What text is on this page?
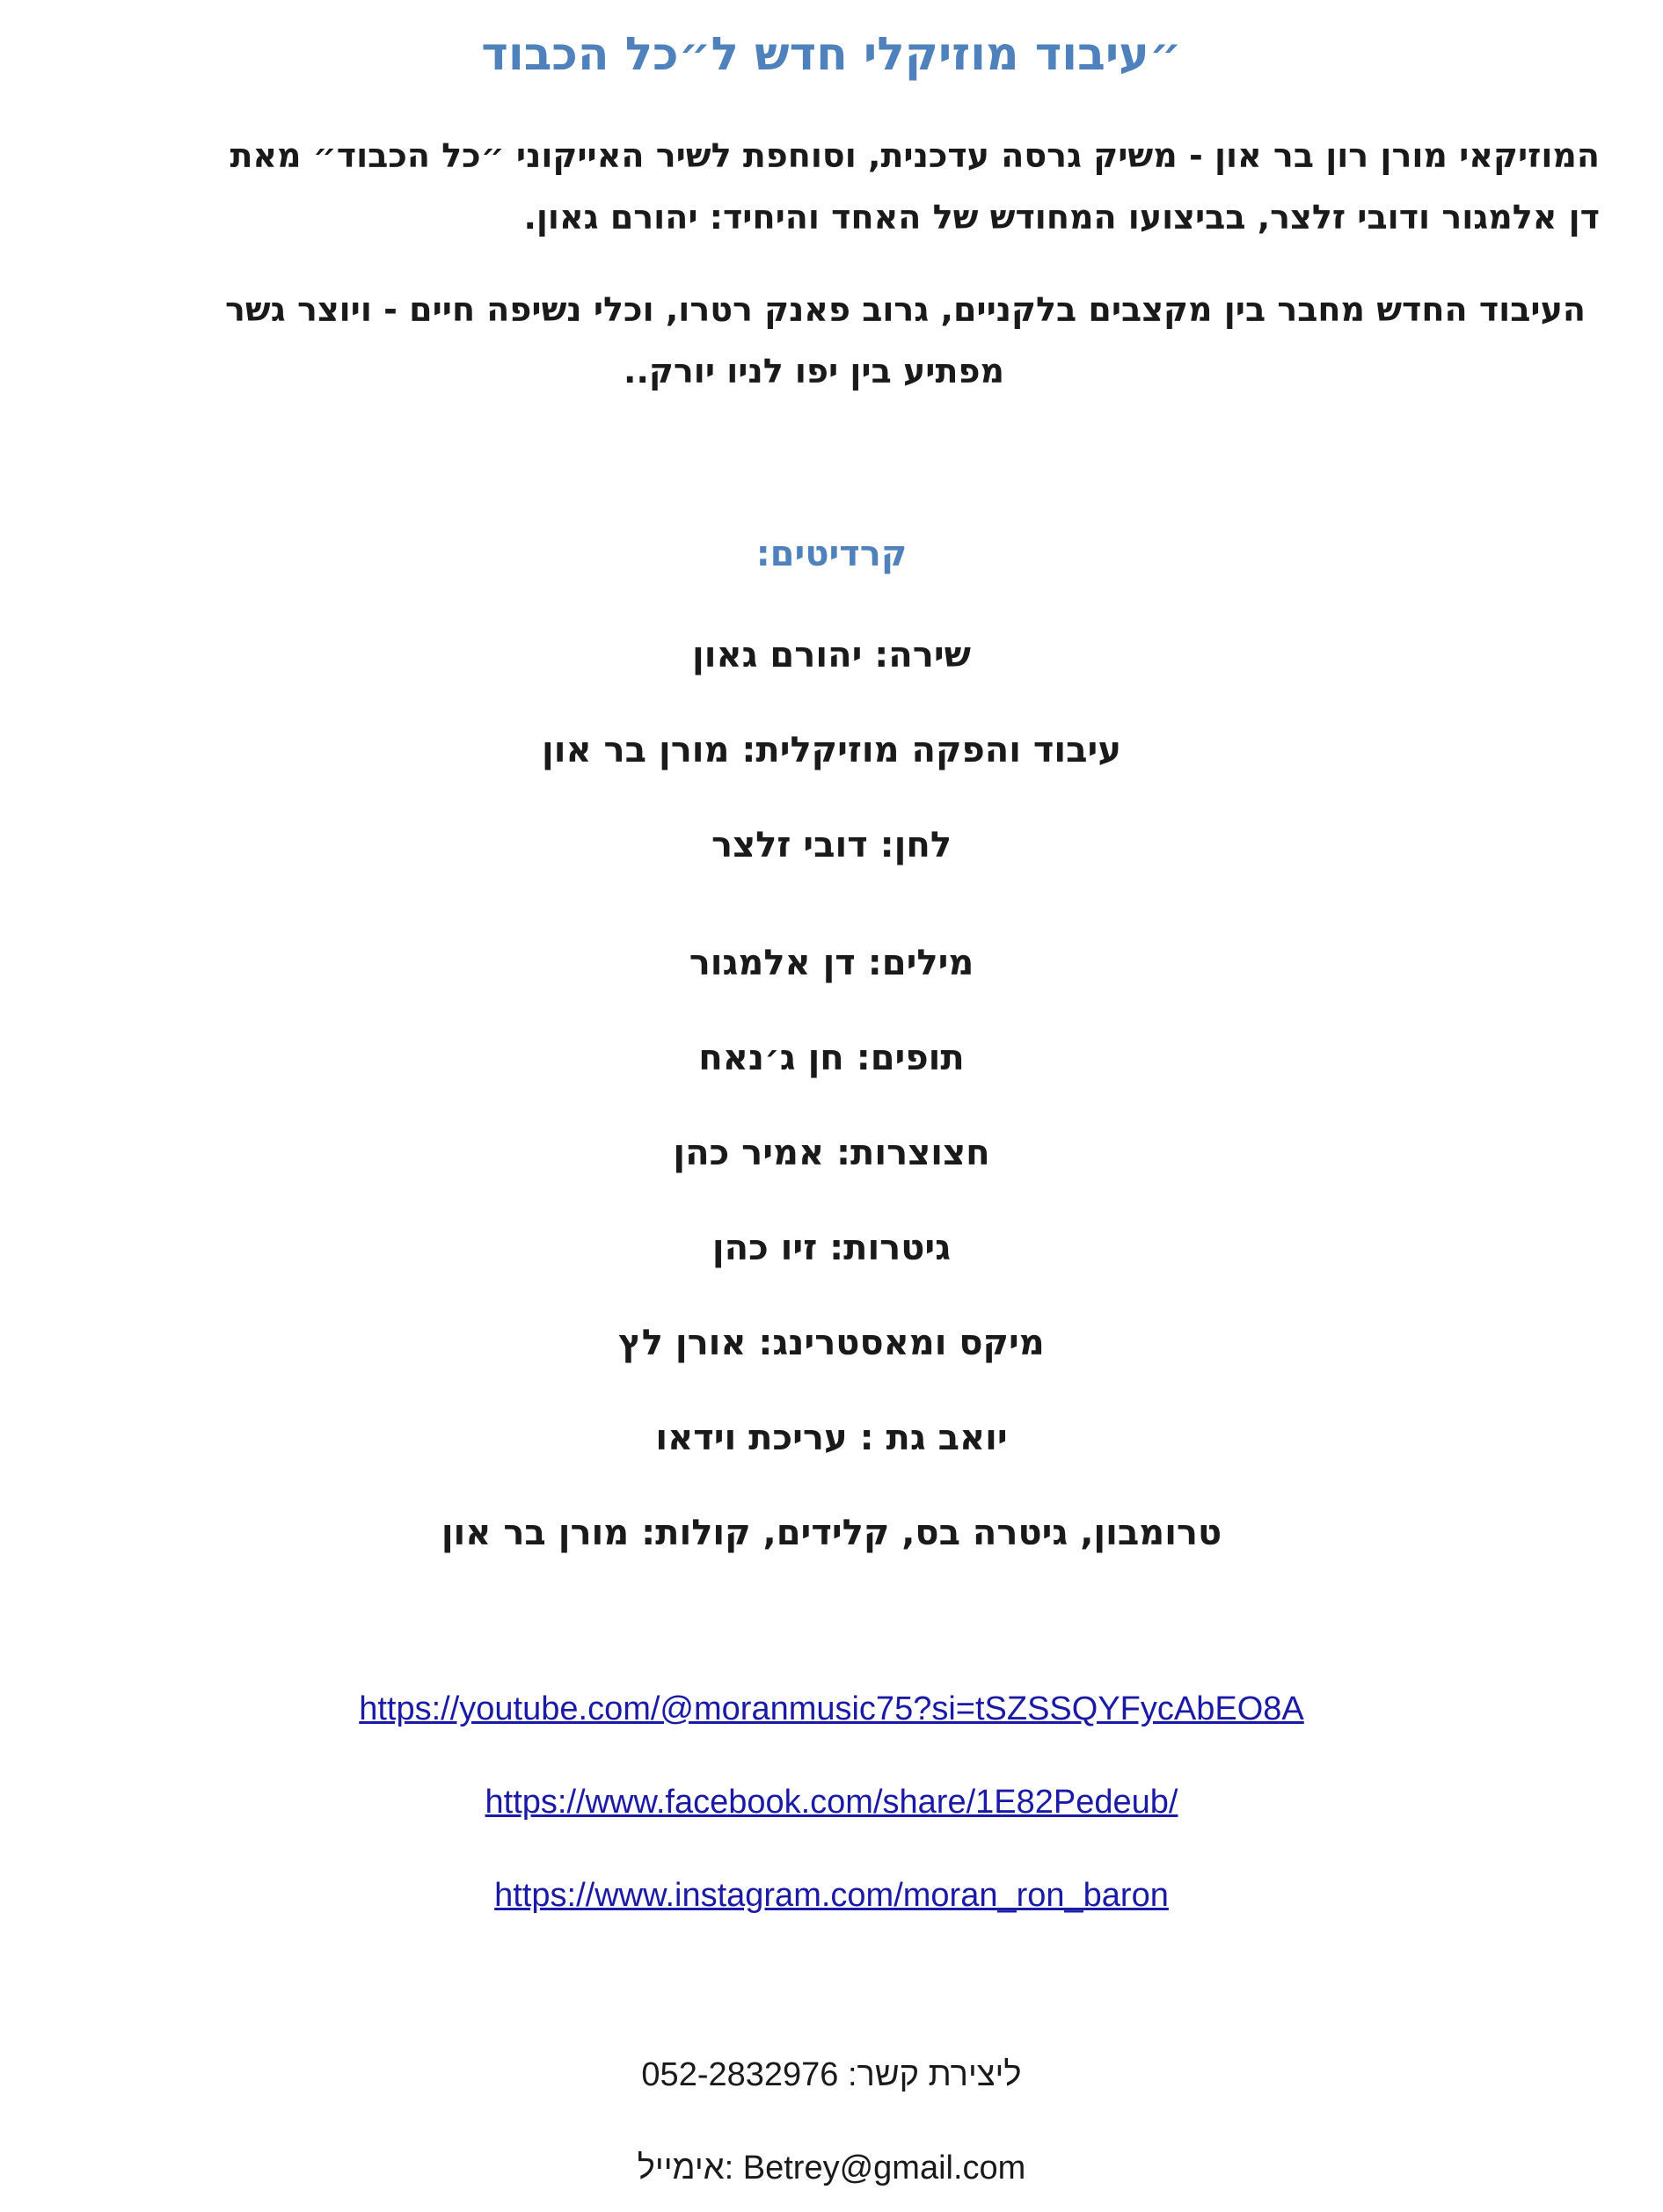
״עיבוד מוזיקלי חדש ל״כל הכבוד
המוזיקאי מורן רון בר און - משיק גרסה עדכנית, וסוחפת לשיר האייקוני ״כל הכבוד״ מאת
דן אלמגור ודובי זלצר, בביצועו המחודש של האחד והיחיד: יהורם גאון.
העיבוד החדש מחבר בין מקצבים בלקניים, גרוב פאנק רטרו, וכלי נשיפה חיים - ויוצר גשר
מפתיע בין יפו לניו יורק..
קרדיטים:
שירה: יהורם גאון
עיבוד והפקה מוזיקלית: מורן בר און
לחן: דובי זלצר
מילים: דן אלמגור
תופים: חן ג׳נאח
חצוצרות: אמיר כהן
גיטרות: זיו כהן
מיקס ומאסטרינג: אורן לץ
יואב גת : עריכת וידאו
טרומבון, גיטרה בס, קלידים, קולות: מורן בר און
https://youtube.com/@moranmusic75?si=tSZSSQYFycAbEO8A
https://www.facebook.com/share/1E82Pedeub/
https://www.instagram.com/moran_ron_baron
ליצירת קשר: 052-2832976
אימייל: Betrey@gmail.com
